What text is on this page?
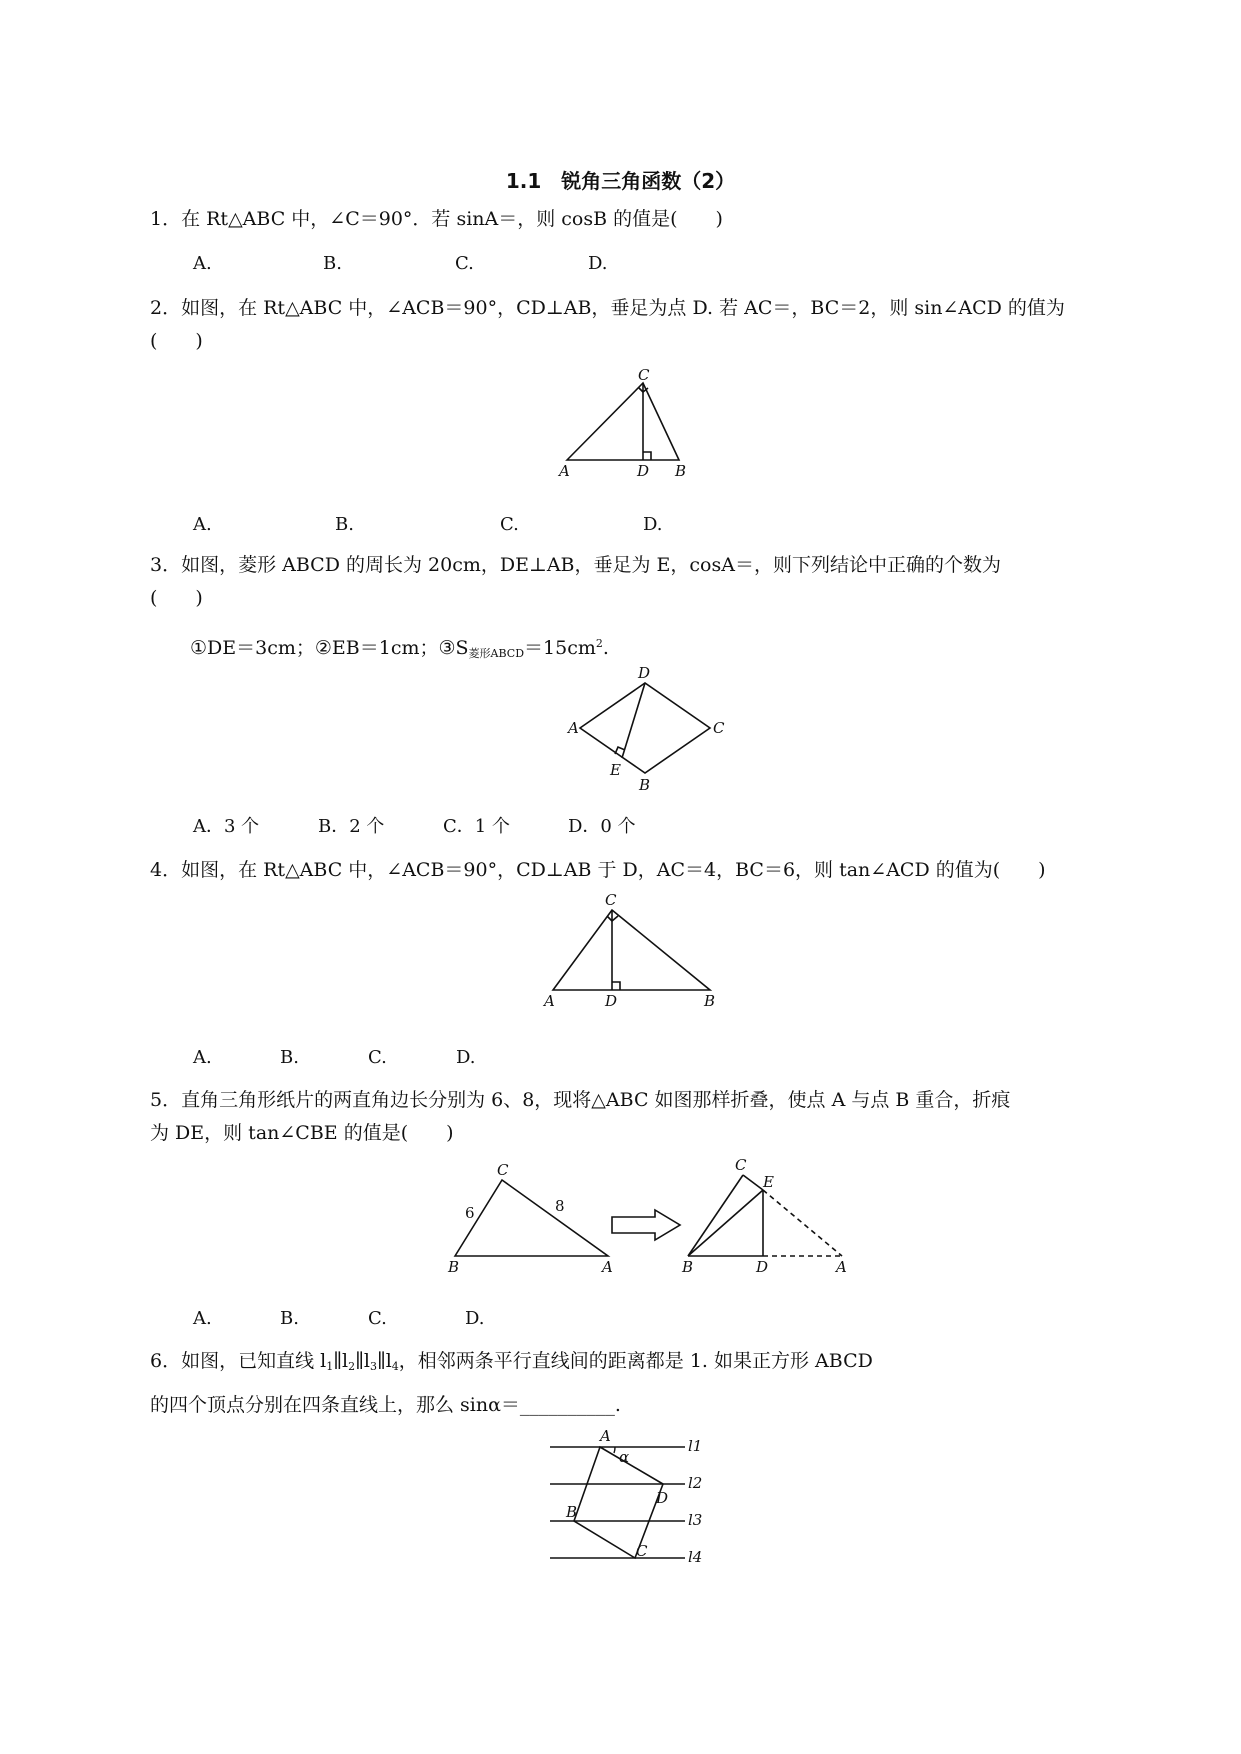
1.1　锐角三角函数（2）
1．在 Rt△ABC 中，∠C＝90°．若 sinA＝，则 cosB 的值是(　　)
A.	B.	C.	D.
2．如图，在 Rt△ABC 中，∠ACB＝90°，CD⊥AB，垂足为点 D. 若 AC＝，BC＝2，则 sin∠ACD 的值为
(　　)
C
A	D B
A.	B.	C.	D.
3．如图，菱形 ABCD 的周长为 20cm，DE⊥AB，垂足为 E，cosA＝，则下列结论中正确的个数为
(　　)
①DE＝3cm；②EB＝1cm；$③S_{菱形ABCD}=15cm^2$.
D
A	C
E
B
A．3 个	B．2 个	C．1 个	D．0 个
4．如图，在 Rt△ABC 中，∠ACB＝90°，CD⊥AB 于 D，AC＝4，BC＝6，则 tan∠ACD 的值为(　　)
C
A	D	B
A.	B.	C.	D.
5．直角三角形纸片的两直角边长分别为 6、8，现将△ABC 如图那样折叠，使点 A 与点 B 重合，折痕
为 DE，则 tan∠CBE 的值是(　　)
C
B	A
6	8
C
E
B	D	A
A.	B.	C.	D.
6．如图，已知直线 $l_1\parallel l_2\parallel l_3\parallel l_4$，相邻两条平行直线间的距离都是 1. 如果正方形 ABCD
的四个顶点分别在四条直线上，那么 sinα＝__________.
A
α
B
D
C
l1
l2
l3
l4
